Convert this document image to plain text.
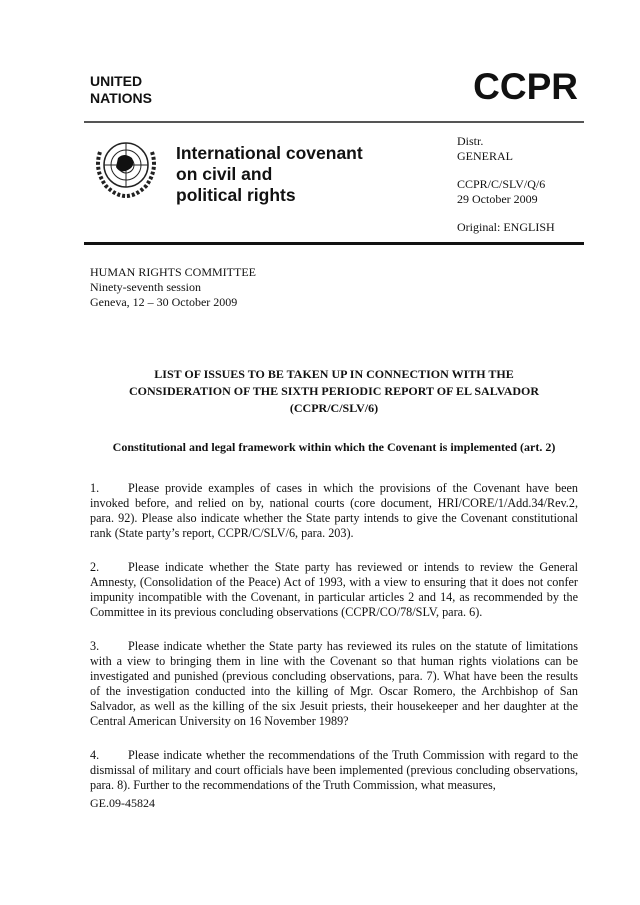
UNITED
NATIONS	CCPR
International covenant
on civil and
political rights
Distr.
GENERAL
CCPR/C/SLV/Q/6
29 October 2009
Original: ENGLISH
HUMAN RIGHTS COMMITTEE
Ninety-seventh session
Geneva, 12 – 30 October 2009
LIST OF ISSUES TO BE TAKEN UP IN CONNECTION WITH THE
CONSIDERATION OF THE SIXTH PERIODIC REPORT OF EL SALVADOR
(CCPR/C/SLV/6)
Constitutional and legal framework within which the Covenant is implemented (art. 2)

1. Please provide examples of cases in which the provisions of the Covenant have been invoked before, and relied on by, national courts (core document, HRI/CORE/1/Add.34/Rev.2, para. 92). Please also indicate whether the State party intends to give the Covenant constitutional rank (State party’s report, CCPR/C/SLV/6, para. 203).

2. Please indicate whether the State party has reviewed or intends to review the General Amnesty, (Consolidation of the Peace) Act of 1993, with a view to ensuring that it does not confer impunity incompatible with the Covenant, in particular articles 2 and 14, as recommended by the Committee in its previous concluding observations (CCPR/CO/78/SLV, para. 6).

3. Please indicate whether the State party has reviewed its rules on the statute of limitations with a view to bringing them in line with the Covenant so that human rights violations can be investigated and punished (previous concluding observations, para. 7). What have been the results of the investigation conducted into the killing of Mgr. Oscar Romero, the Archbishop of San Salvador, as well as the killing of the six Jesuit priests, their housekeeper and her daughter at the Central American University on 16 November 1989?

4. Please indicate whether the recommendations of the Truth Commission with regard to the dismissal of military and court officials have been implemented (previous concluding observations, para. 8). Further to the recommendations of the Truth Commission, what measures,

GE.09-45824
